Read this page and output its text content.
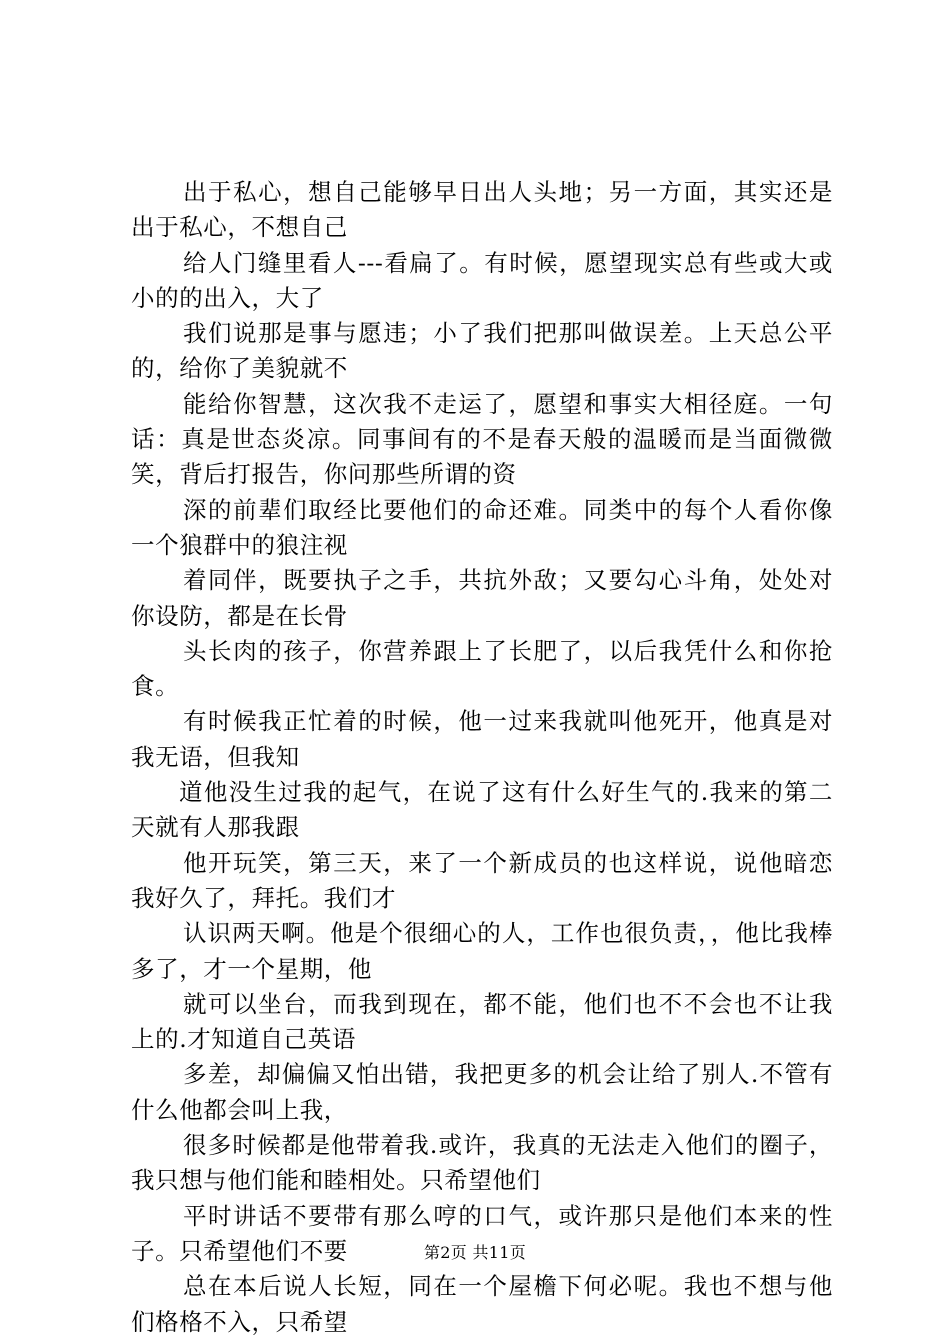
出于私心，想自己能够早日出人头地；另一方面，其实还是出于私心，不想自己

给人门缝里看人---看扁了。有时候，愿望现实总有些或大或小的的出入，大了

我们说那是事与愿违；小了我们把那叫做误差。上天总公平的，给你了美貌就不

能给你智慧，这次我不走运了，愿望和事实大相径庭。一句话：真是世态炎凉。同事间有的不是春天般的温暖而是当面微微笑，背后打报告，你问那些所谓的资

深的前辈们取经比要他们的命还难。同类中的每个人看你像一个狼群中的狼注视

着同伴，既要执子之手，共抗外敌；又要勾心斗角，处处对你设防，都是在长骨

头长肉的孩子，你营养跟上了长肥了，以后我凭什么和你抢食。

有时候我正忙着的时候，他一过来我就叫他死开，他真是对我无语，但我知

道他没生过我的起气，在说了这有什么好生气的.我来的第二天就有人那我跟

他开玩笑，第三天，来了一个新成员的也这样说，说他暗恋我好久了，拜托。我们才

认识两天啊。他是个很细心的人，工作也很负责，，他比我棒多了，才一个星期，他

就可以坐台，而我到现在，都不能，他们也不不会也不让我上的.才知道自己英语

多差，却偏偏又怕出错，我把更多的机会让给了别人.不管有什么他都会叫上我，

很多时候都是他带着我.或许，我真的无法走入他们的圈子，我只想与他们能和睦相处。只希望他们

平时讲话不要带有那么哼的口气，或许那只是他们本来的性子。只希望他们不要

总在本后说人长短，同在一个屋檐下何必呢。我也不想与他们格格不入，只希望

第2页 共11页
